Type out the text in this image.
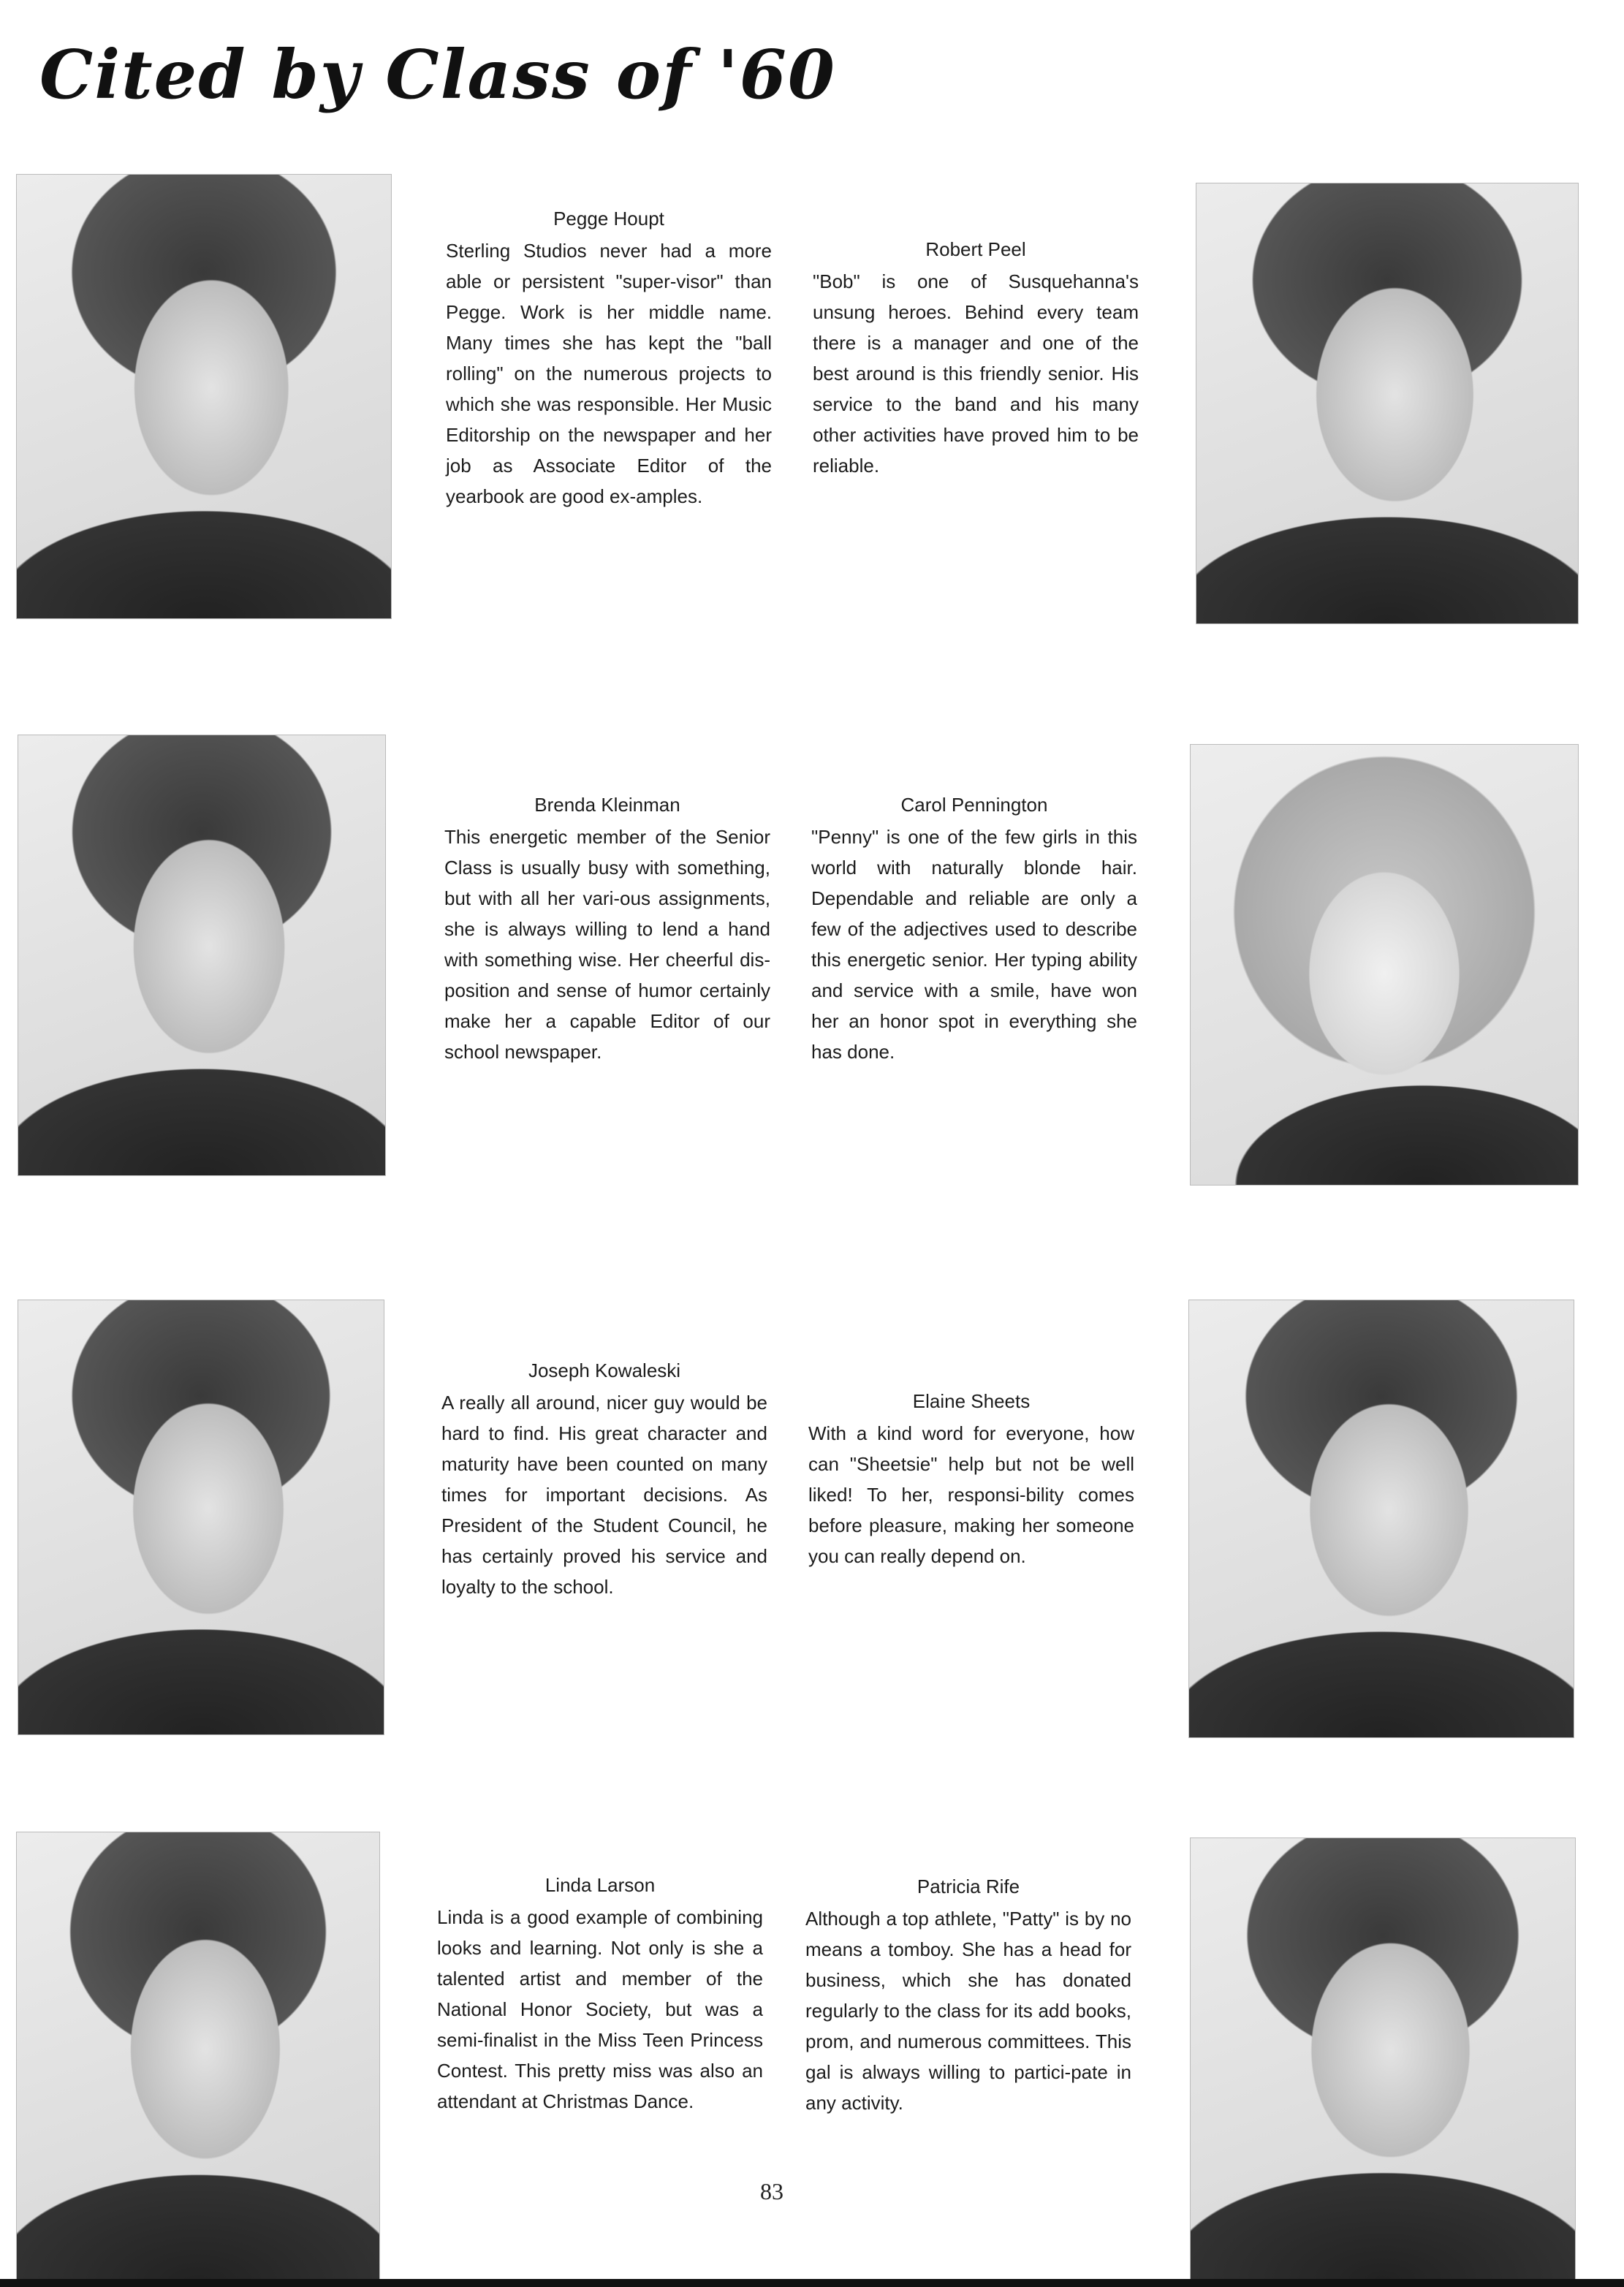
Cited by Class of '60
Pegge Houpt
Sterling Studios never had a more able or persistent "super-visor" than Pegge. Work is her middle name. Many times she has kept the "ball rolling" on the numerous projects to which she was responsible. Her Music Editorship on the newspaper and her job as Associate Editor of the yearbook are good ex-amples.
Robert Peel
"Bob" is one of Susquehanna's unsung heroes. Behind every team there is a manager and one of the best around is this friendly senior. His service to the band and his many other activities have proved him to be reliable.
Brenda Kleinman
This energetic member of the Senior Class is usually busy with something, but with all her vari-ous assignments, she is always willing to lend a hand with something wise. Her cheerful dis-position and sense of humor certainly make her a capable Editor of our school newspaper.
Carol Pennington
"Penny" is one of the few girls in this world with naturally blonde hair. Dependable and reliable are only a few of the adjectives used to describe this energetic senior. Her typing ability and service with a smile, have won her an honor spot in everything she has done.
Joseph Kowaleski
A really all around, nicer guy would be hard to find. His great character and maturity have been counted on many times for important decisions. As President of the Student Council, he has certainly proved his service and loyalty to the school.
Elaine Sheets
With a kind word for everyone, how can "Sheetsie" help but not be well liked! To her, responsi-bility comes before pleasure, making her someone you can really depend on.
Linda Larson
Linda is a good example of combining looks and learning. Not only is she a talented artist and member of the National Honor Society, but was a semi-finalist in the Miss Teen Princess Contest. This pretty miss was also an attendant at Christmas Dance.
Patricia Rife
Although a top athlete, "Patty" is by no means a tomboy. She has a head for business, which she has donated regularly to the class for its add books, prom, and numerous committees. This gal is always willing to partici-pate in any activity.
83
